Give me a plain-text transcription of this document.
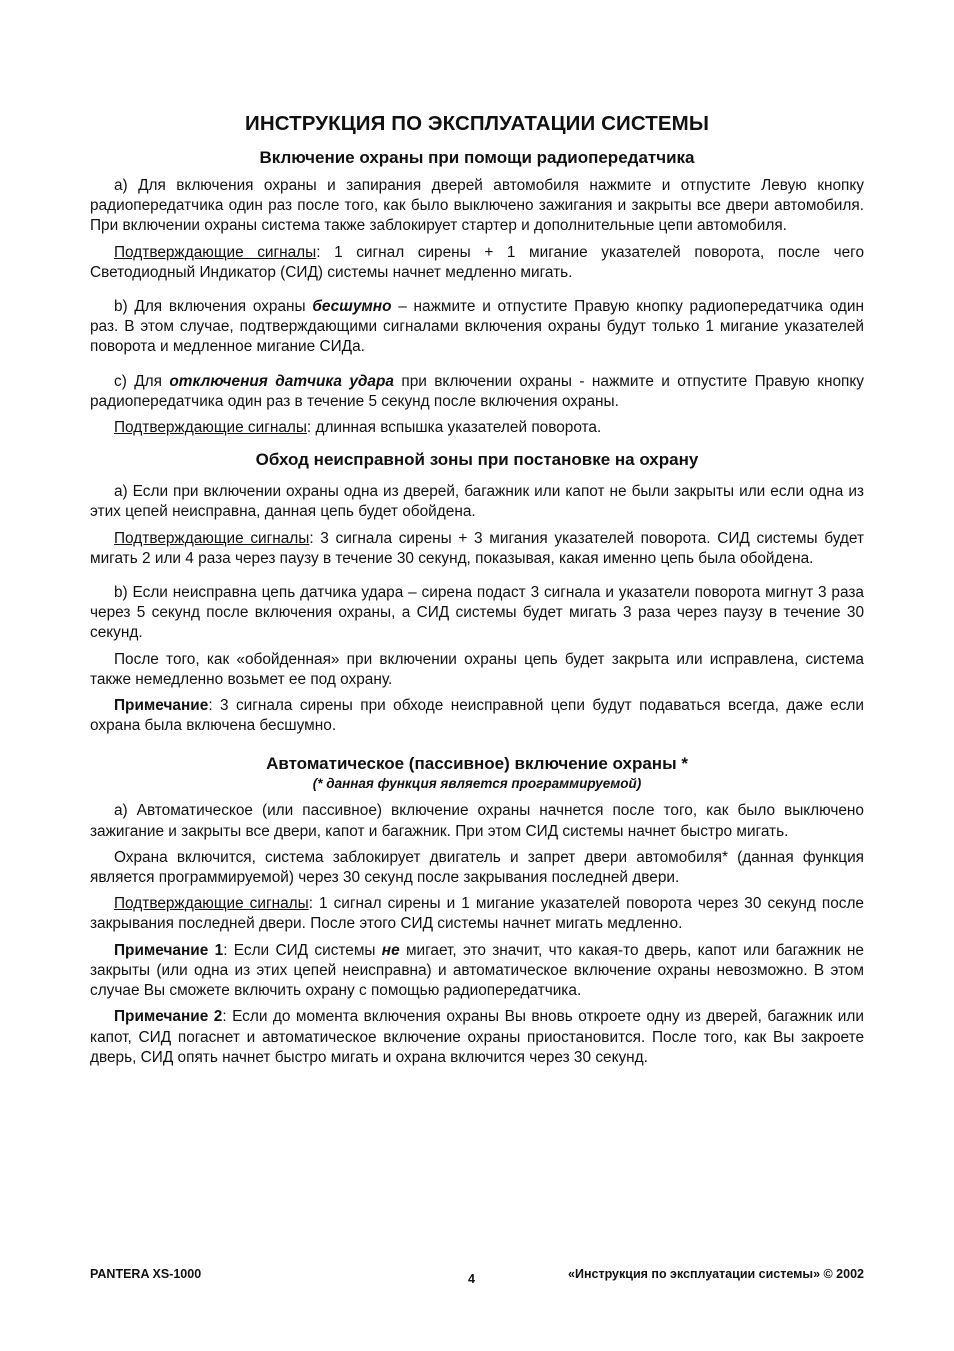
ИНСТРУКЦИЯ ПО ЭКСПЛУАТАЦИИ СИСТЕМЫ
Включение охраны при помощи радиопередатчика

а) Для включения охраны и запирания дверей автомобиля нажмите и отпустите Левую кнопку радиопередатчика один раз после того, как было выключено зажигания и закрыты все двери автомобиля. При включении охраны система также заблокирует стартер и дополнительные цепи автомобиля.

Подтверждающие сигналы: 1 сигнал сирены + 1 мигание указателей поворота, после чего Светодиодный Индикатор (СИД) системы начнет медленно мигать.

b) Для включения охраны бесшумно – нажмите и отпустите Правую кнопку радиопередатчика один раз. В этом случае, подтверждающими сигналами включения охраны будут только 1 мигание указателей поворота и медленное мигание СИДа.

с) Для отключения датчика удара при включении охраны - нажмите и отпустите Правую кнопку радиопередатчика один раз в течение 5 секунд после включения охраны.

Подтверждающие сигналы: длинная вспышка указателей поворота.

Обход неисправной зоны при постановке на охрану

а) Если при включении охраны одна из дверей, багажник или капот не были закрыты или если одна из этих цепей неисправна, данная цепь будет обойдена.

Подтверждающие сигналы: 3 сигнала сирены + 3 мигания указателей поворота. СИД системы будет мигать 2 или 4 раза через паузу в течение 30 секунд, показывая, какая именно цепь была обойдена.

b) Если неисправна цепь датчика удара – сирена подаст 3 сигнала и указатели поворота мигнут 3 раза через 5 секунд после включения охраны, а СИД системы будет мигать 3 раза через паузу в течение 30 секунд.

После того, как «обойденная» при включении охраны цепь будет закрыта или исправлена, система также немедленно возьмет ее под охрану.

Примечание: 3 сигнала сирены при обходе неисправной цепи будут подаваться всегда, даже если охрана была включена бесшумно.

Автоматическое (пассивное) включение охраны *
(* данная функция является программируемой)

а) Автоматическое (или пассивное) включение охраны начнется после того, как было выключено зажигание и закрыты все двери, капот и багажник. При этом СИД системы начнет быстро мигать.

Охрана включится, система заблокирует двигатель и запрет двери автомобиля* (данная функция является программируемой) через 30 секунд после закрывания последней двери.

Подтверждающие сигналы: 1 сигнал сирены и 1 мигание указателей поворота через 30 секунд после закрывания последней двери. После этого СИД системы начнет мигать медленно.

Примечание 1: Если СИД системы не мигает, это значит, что какая-то дверь, капот или багажник не закрыты (или одна из этих цепей неисправна) и автоматическое включение охраны невозможно. В этом случае Вы сможете включить охрану с помощью радиопередатчика.

Примечание 2: Если до момента включения охраны Вы вновь откроете одну из дверей, багажник или капот, СИД погаснет и автоматическое включение охраны приостановится. После того, как Вы закроете дверь, СИД опять начнет быстро мигать и охрана включится через 30 секунд.

PANTERA XS-1000	4	«Инструкция по эксплуатации системы» © 2002
